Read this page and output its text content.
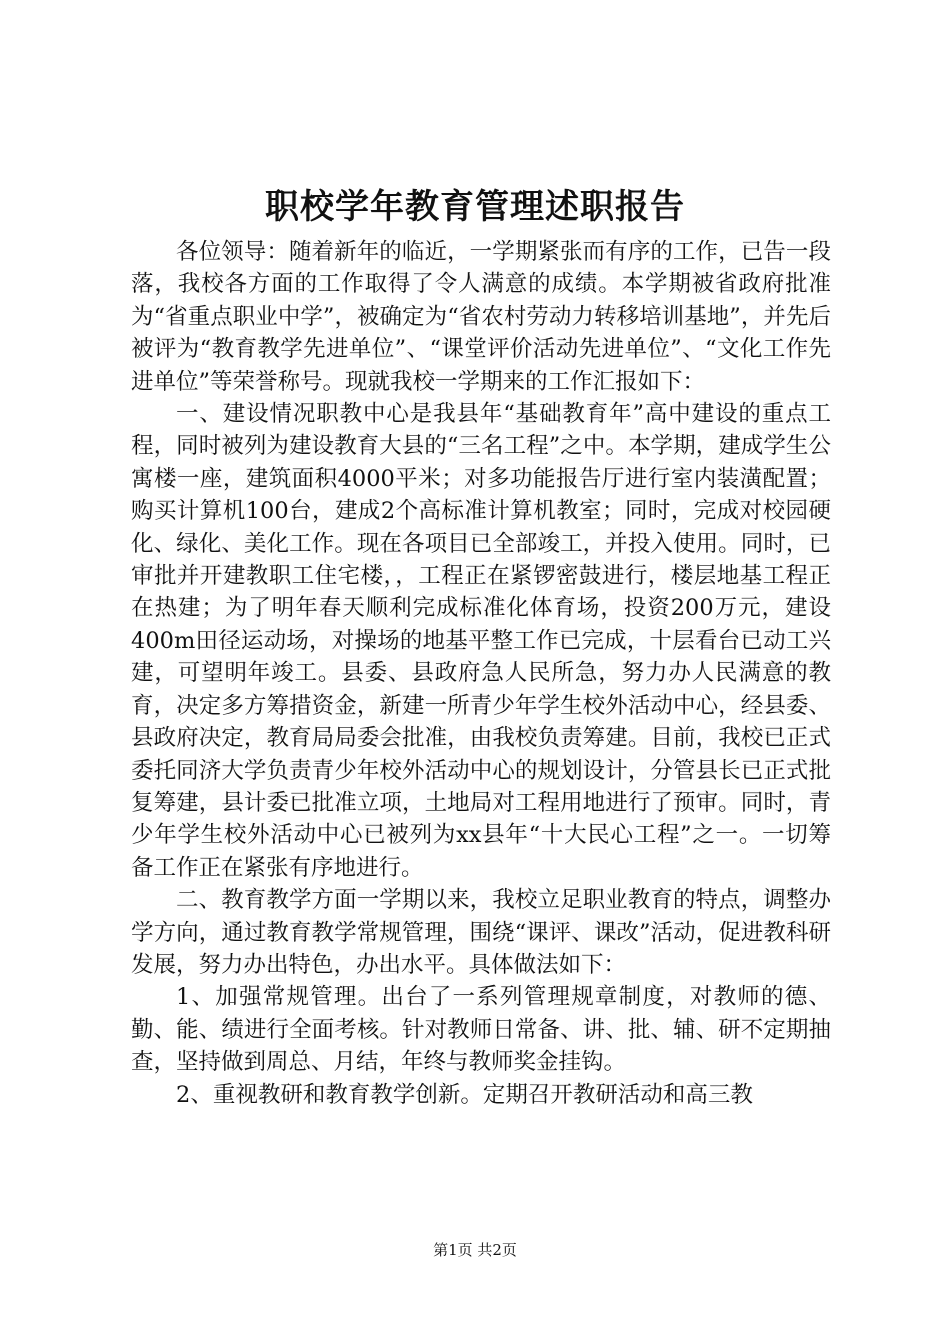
职校学年教育管理述职报告

各位领导：随着新年的临近，一学期紧张而有序的工作，已告一段落，我校各方面的工作取得了令人满意的成绩。本学期被省政府批准为“省重点职业中学”，被确定为“省农村劳动力转移培训基地”，并先后被评为“教育教学先进单位”、“课堂评价活动先进单位”、“文化工作先进单位”等荣誉称号。现就我校一学期来的工作汇报如下：

一、建设情况职教中心是我县年“基础教育年”高中建设的重点工程，同时被列为建设教育大县的“三名工程”之中。本学期，建成学生公寓楼一座，建筑面积4000平米；对多功能报告厅进行室内装潢配置；购买计算机100台，建成2个高标准计算机教室；同时，完成对校园硬化、绿化、美化工作。现在各项目已全部竣工，并投入使用。同时，已审批并开建教职工住宅楼，，工程正在紧锣密鼓进行，楼层地基工程正在热建；为了明年春天顺利完成标准化体育场，投资200万元，建设400m田径运动场，对操场的地基平整工作已完成，十层看台已动工兴建，可望明年竣工。县委、县政府急人民所急，努力办人民满意的教育，决定多方筹措资金，新建一所青少年学生校外活动中心，经县委、县政府决定，教育局局委会批准，由我校负责筹建。目前，我校已正式委托同济大学负责青少年校外活动中心的规划设计，分管县长已正式批复筹建，县计委已批准立项，土地局对工程用地进行了预审。同时，青少年学生校外活动中心已被列为xx县年“十大民心工程”之一。一切筹备工作正在紧张有序地进行。

二、教育教学方面一学期以来，我校立足职业教育的特点，调整办学方向，通过教育教学常规管理，围绕“课评、课改”活动，促进教科研发展，努力办出特色，办出水平。具体做法如下：

1、加强常规管理。出台了一系列管理规章制度，对教师的德、勤、能、绩进行全面考核。针对教师日常备、讲、批、辅、研不定期抽查，坚持做到周总、月结，年终与教师奖金挂钩。

2、重视教研和教育教学创新。定期召开教研活动和高三教

第1页 共2页
